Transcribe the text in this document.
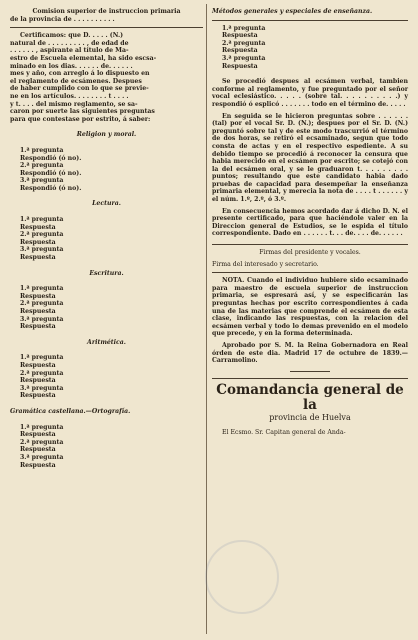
Comision superior de instruccion primaria

de la provincia de . . . . . . . . . .

Certificamos: que D. . . . . (N.)

natural de . . . . . . . . . , de edad de

. . . . . . , aspirante al título de Ma-

estro de Escuela elemental, ha sido escsa-

minado en los dias. . . . . . de. . . . . .

mes y año, con arreglo á lo dispuesto en

el reglamento de ecsámenes. Despues

de haber cumplido con lo que se previe-

ne en los artículos. . . . . . . . t . . . .

y t. . . . del mismo reglamento, se sa-

caron por suerte las siguientes preguntas

para que contestase por estrito, á saber:

Religion y moral.

1.ª pregunta

Respondió (ó no).

2.ª pregunta

Respondió (ó no).

3.ª pregunta

Respondió (ó no).

Lectura.

1.ª pregunta

Respuesta

2.ª pregunta

Respuesta

3.ª pregunta

Respuesta

Escritura.

1.ª pregunta

Respuesta

2.ª pregunta

Respuesta

3.ª pregunta

Respuesta

Aritmética.

1.ª pregunta

Respuesta

2.ª pregunta

Respuesta

3.ª pregunta

Respuesta

Gramática castellana.—Ortografía.

1.ª pregunta

Respuesta

2.ª pregunta

Respuesta

3.ª pregunta

Respuesta

Métodos generales y especiales de enseñanza.

1.ª pregunta

Respuesta

2.ª pregunta

Respuesta

3.ª pregunta

Respuesta

Se procedió despues al ecsámen verbal, tambien conforme al reglamento, y fue preguntado por el señor vocal eclesiástico. . . . . (sobre tal. . . . . . . . . .) y respondió ó esplicó . . . . . . . todo en el término de. . . . .

En seguida se le hicieron preguntas sobre . . . . . . (tal) por el vocal Sr. D. (N.); despues por el Sr. D. (N.) preguntó sobre tal y de este modo trascurrió el término de dos horas, se retiró el ecsaminado, segun que todo consta de actas y en el respectivo espediente. A su debido tiempo se procedió á reconocer la censura que habia merecido en el ecsámen por escrito; se cotejó con la del ecsámen oral, y se le graduaron t. . . . . . . . . puntos; resultando que este candidato habia dado pruebas de capacidad para desempeñar la enseñanza primaria elemental, y merecia la nota de . . . . t . . . . . . y el núm. 1.º, 2.º, ó 3.º.

En consecuencia hemos acordado dar á dicho D. N. el presente certificado, para que haciéndole valer en la Direccion general de Estudios, se le espida el título correspondiente. Dado en . . . . . . t. . . de. . . . de. . . . . .

Firmas del presidente y vocales.

Firma del interesado y secretario.

NOTA. Cuando el individuo hubiere sido ecsaminado para maestro de escuela superior de instruccion primaria, se espresará así, y se especificarán las preguntas hechas por escrito correspondientes á cada una de las materias que comprende el ecsámen de esta clase, indicando las respuestas, con la relacion del ecsámen verbal y todo lo demas prevenido en el modelo que precede, y en la forma determinada.

Aprobado por S. M. la Reina Gobernadora en Real órden de este dia. Madrid 17 de octubre de 1839.—Carramolino.

Comandancia general de la

provincia de Huelva

El Ecsmo. Sr. Capitan general de Anda-
